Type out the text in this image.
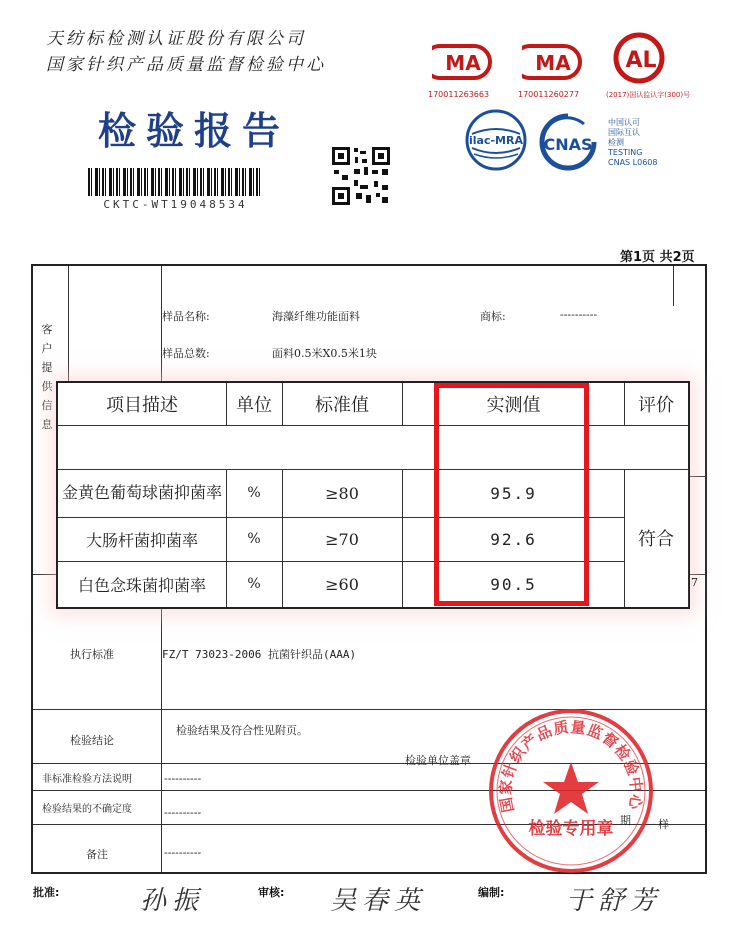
天纺标检测认证股份有限公司
国家针织产品质量监督检验中心
检验报告
CKTC-WT19048534
MA
170011263663
MA
170011260277
AL
(2017)国认监认字(300)号
ilac-MRA CNAS
中国认可
国际互认
检测
TESTING
CNAS L0608
第1页 共2页
客
户
提
供
信
息
样品名称:	海藻纤维功能面料	商标:	----------
样品总数:	面料0.5米X0.5米1块
项目描述	单位	标准值	实测值	评价
金黄色葡萄球菌抑菌率	%	≥80	95.9
大肠杆菌抑菌率	%	≥70	92.6
白色念珠菌抑菌率	%	≥60	90.5
符合
7
执行标准	FZ/T 73023-2006 抗菌针织品(AAA)
检验结论
检验结果及符合性见附页。
检验单位盖章
非标准检验方法说明	----------
检验结果的不确定度	----------
备注	----------
期 样
国家针织产品质量监督检验中心
检验专用章
批准:	孙振	审核: 吴春英	编制: 于舒芳
